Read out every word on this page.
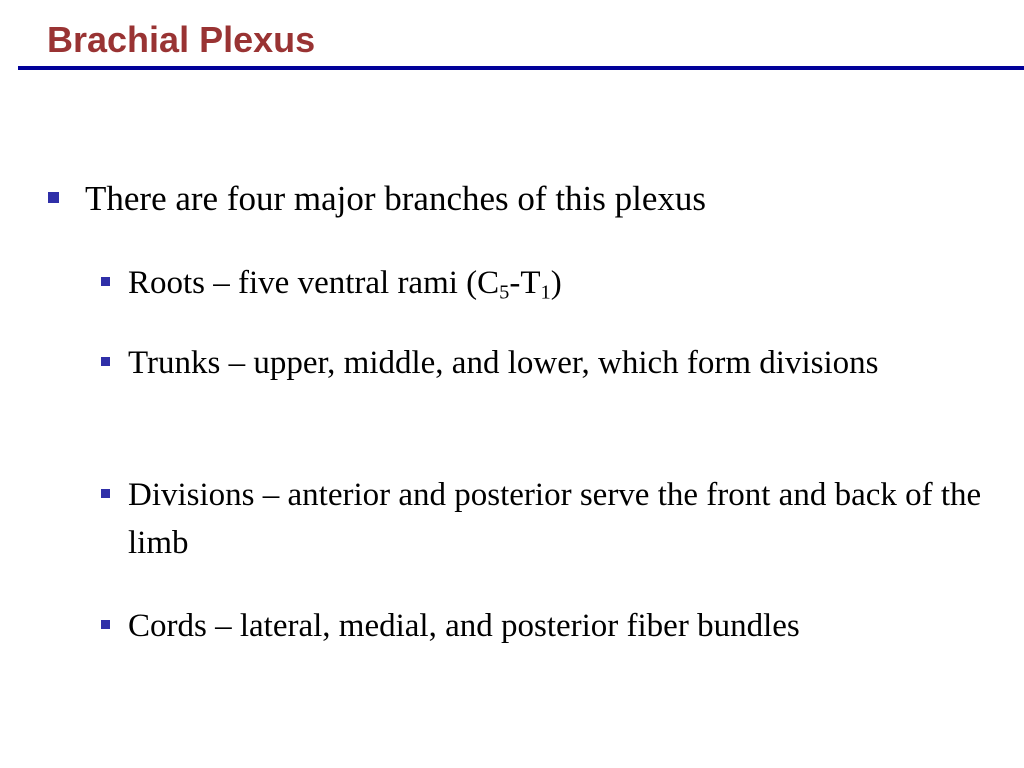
Brachial Plexus
There are four major branches of this plexus
Roots – five ventral rami $(C_5-T_1)$
Trunks – upper, middle, and lower, which form divisions
Divisions – anterior and posterior serve the front and back of the limb
Cords – lateral, medial, and posterior fiber bundles
